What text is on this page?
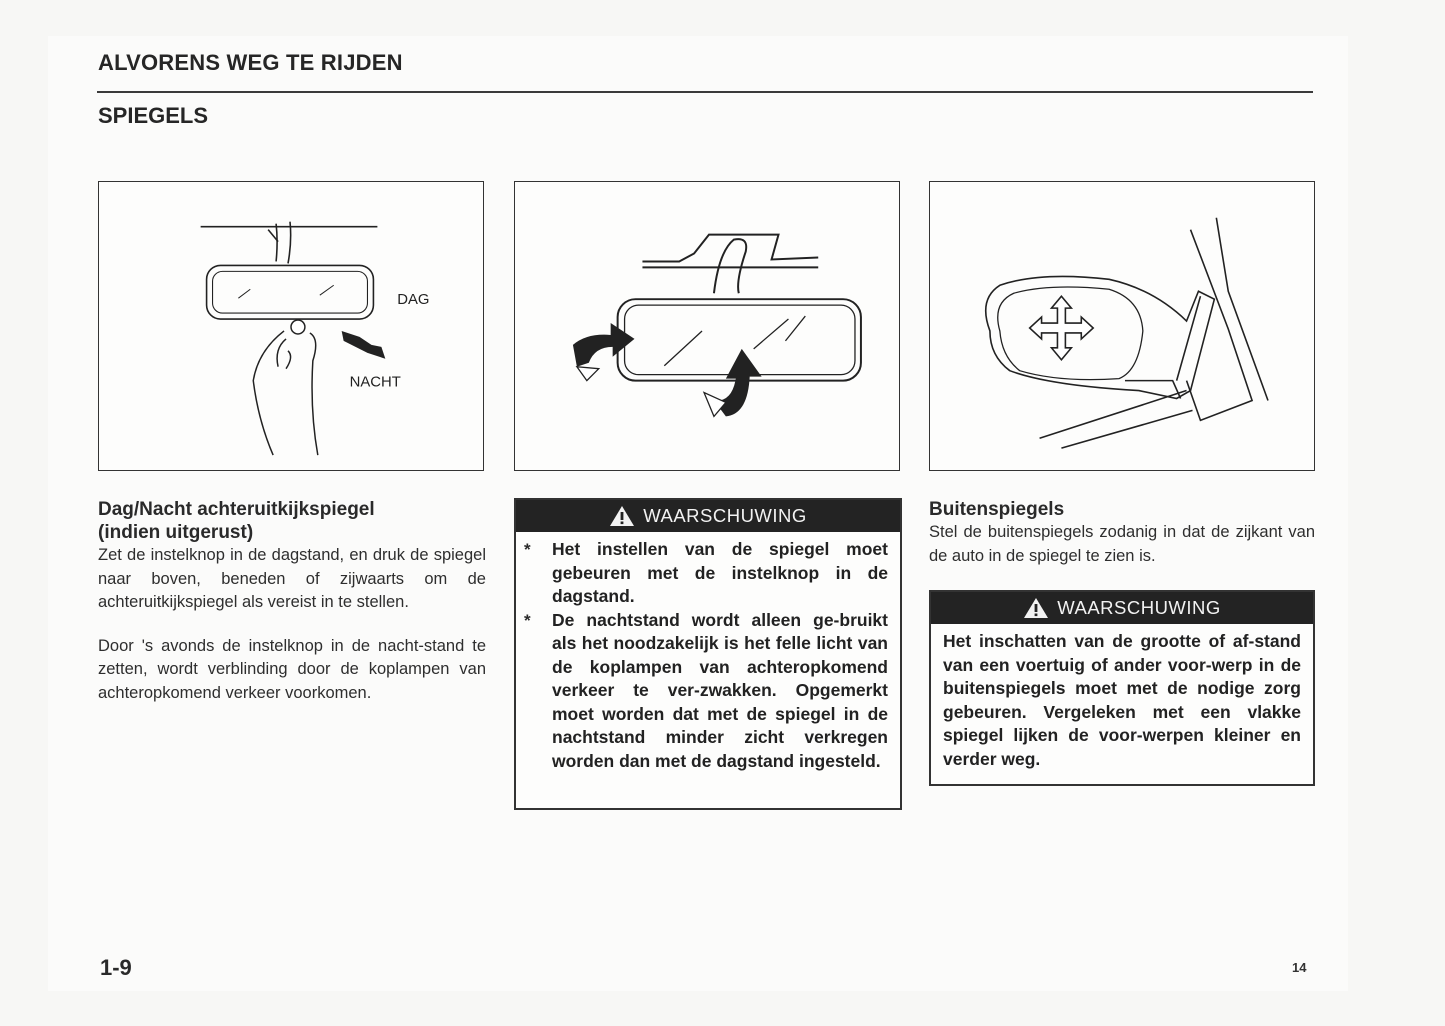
ALVORENS WEG TE RIJDEN
SPIEGELS
DAG
NACHT
Dag/Nacht achteruitkijkspiegel
(indien uitgerust)

Zet de instelknop in de dagstand, en druk de spiegel naar boven, beneden of zijwaarts om de achteruitkijkspiegel als vereist in te stellen.

Door 's avonds de instelknop in de nacht-stand te zetten, wordt verblinding door de koplampen van achteropkomend verkeer voorkomen.

WAARSCHUWING
*	Het instellen van de spiegel moet gebeuren met de instelknop in de dagstand.
*	De nachtstand wordt alleen ge-bruikt als het noodzakelijk is het felle licht van de koplampen van achteropkomend verkeer te ver-zwakken. Opgemerkt moet worden dat met de spiegel in de nachtstand minder zicht verkregen worden dan met de dagstand ingesteld.
Buitenspiegels

Stel de buitenspiegels zodanig in dat de zijkant van de auto in de spiegel te zien is.

WAARSCHUWING
Het inschatten van de grootte of af-stand van een voertuig of ander voor-werp in de buitenspiegels moet met de nodige zorg gebeuren. Vergeleken met een vlakke spiegel lijken de voor-werpen kleiner en verder weg.
1-9	14
